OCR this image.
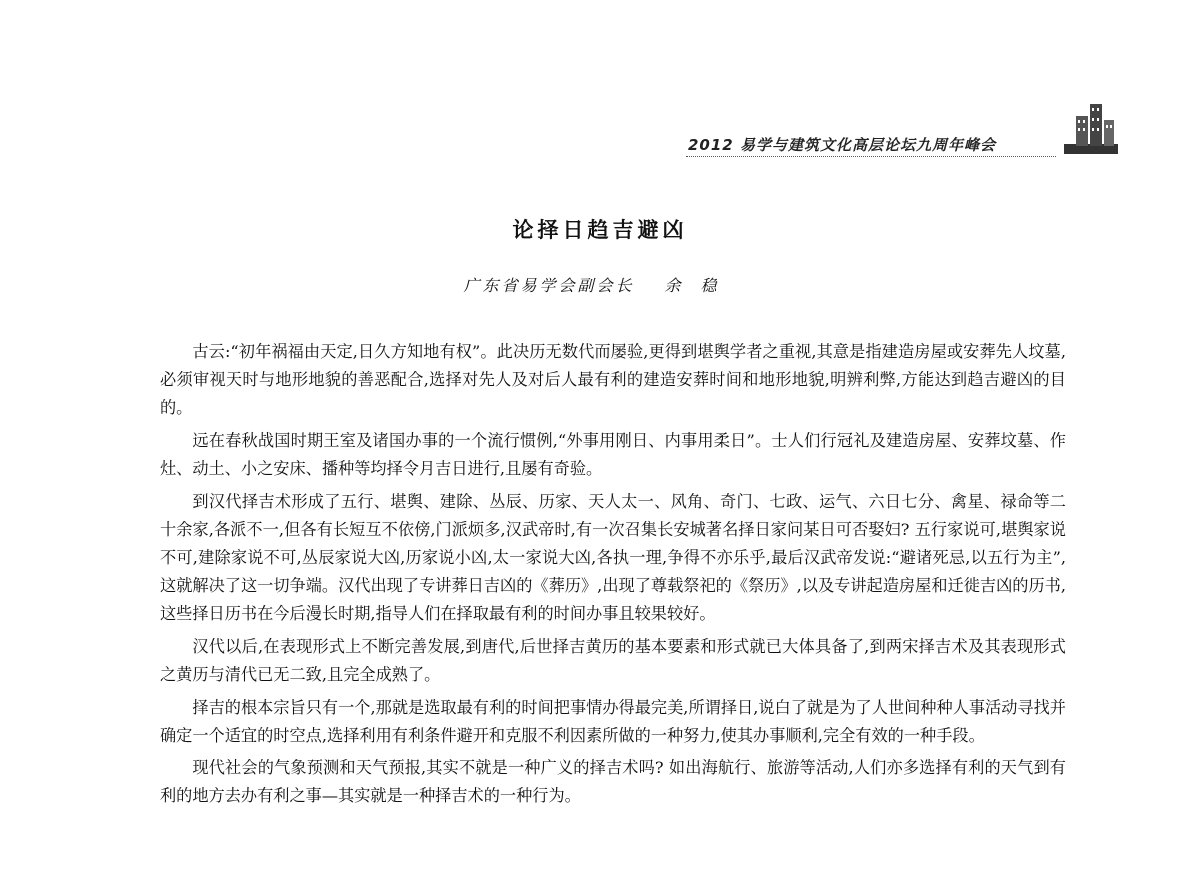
2012 易学与建筑文化高层论坛九周年峰会
论择日趋吉避凶
广东省易学会副会长 余稳

古云:“初年祸福由天定,日久方知地有权”。此决历无数代而屡验,更得到堪舆学者之重视,其意是指建造房屋或安葬先人坟墓,必须审视天时与地形地貌的善恶配合,选择对先人及对后人最有利的建造安葬时间和地形地貌,明辨利弊,方能达到趋吉避凶的目的。

远在春秋战国时期王室及诸国办事的一个流行惯例,“外事用刚日、内事用柔日”。士人们行冠礼及建造房屋、安葬坟墓、作灶、动土、小之安床、播种等均择令月吉日进行,且屡有奇验。

到汉代择吉术形成了五行、堪舆、建除、丛辰、历家、天人太一、风角、奇门、七政、运气、六日七分、禽星、禄命等二十余家,各派不一,但各有长短互不依傍,门派烦多,汉武帝时,有一次召集长安城著名择日家问某日可否娶妇? 五行家说可,堪舆家说不可,建除家说不可,丛辰家说大凶,历家说小凶,太一家说大凶,各执一理,争得不亦乐乎,最后汉武帝发说:“避诸死忌,以五行为主”,这就解决了这一切争端。汉代出现了专讲葬日吉凶的《葬历》,出现了尊载祭祀的《祭历》,以及专讲起造房屋和迁徙吉凶的历书,这些择日历书在今后漫长时期,指导人们在择取最有利的时间办事且较果较好。

汉代以后,在表现形式上不断完善发展,到唐代,后世择吉黄历的基本要素和形式就已大体具备了,到两宋择吉术及其表现形式之黄历与清代已无二致,且完全成熟了。

择吉的根本宗旨只有一个,那就是选取最有利的时间把事情办得最完美,所谓择日,说白了就是为了人世间种种人事活动寻找并确定一个适宜的时空点,选择利用有利条件避开和克服不利因素所做的一种努力,使其办事顺利,完全有效的一种手段。

现代社会的气象预测和天气预报,其实不就是一种广义的择吉术吗? 如出海航行、旅游等活动,人们亦多选择有利的天气到有利的地方去办有利之事—其实就是一种择吉术的一种行为。
